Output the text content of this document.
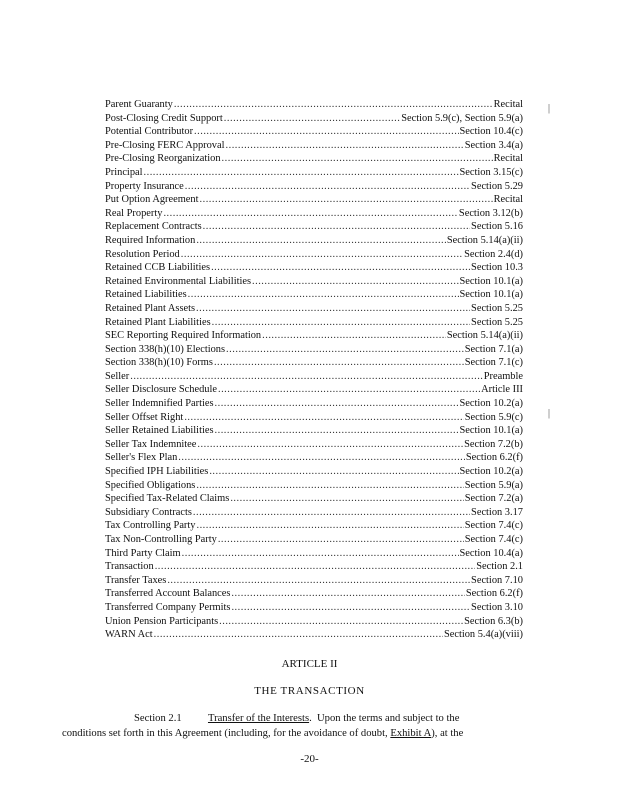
Parent Guaranty .....	Recital
Post-Closing Credit Support .....	Section 5.9(c), Section 5.9(a)
Potential Contributor .....	Section 10.4(c)
Pre-Closing FERC Approval .....	Section 3.4(a)
Pre-Closing Reorganization .....	Recital
Principal .....	Section 3.15(c)
Property Insurance .....	Section 5.29
Put Option Agreement .....	Recital
Real Property .....	Section 3.12(b)
Replacement Contracts .....	Section 5.16
Required Information .....	Section 5.14(a)(ii)
Resolution Period .....	Section 2.4(d)
Retained CCB Liabilities .....	Section 10.3
Retained Environmental Liabilities .....	Section 10.1(a)
Retained Liabilities .....	Section 10.1(a)
Retained Plant Assets .....	Section 5.25
Retained Plant Liabilities .....	Section 5.25
SEC Reporting Required Information .....	Section 5.14(a)(ii)
Section 338(h)(10) Elections .....	Section 7.1(a)
Section 338(h)(10) Forms .....	Section 7.1(c)
Seller .....	Preamble
Seller Disclosure Schedule .....	Article III
Seller Indemnified Parties .....	Section 10.2(a)
Seller Offset Right .....	Section 5.9(c)
Seller Retained Liabilities .....	Section 10.1(a)
Seller Tax Indemnitee .....	Section 7.2(b)
Seller's Flex Plan .....	Section 6.2(f)
Specified IPH Liabilities .....	Section 10.2(a)
Specified Obligations .....	Section 5.9(a)
Specified Tax-Related Claims .....	Section 7.2(a)
Subsidiary Contracts .....	Section 3.17
Tax Controlling Party .....	Section 7.4(c)
Tax Non-Controlling Party .....	Section 7.4(c)
Third Party Claim .....	Section 10.4(a)
Transaction .....	Section 2.1
Transfer Taxes .....	Section 7.10
Transferred Account Balances .....	Section 6.2(f)
Transferred Company Permits .....	Section 3.10
Union Pension Participants .....	Section 6.3(b)
WARN Act .....	Section 5.4(a)(viii)
ARTICLE II
THE TRANSACTION
Section 2.1 Transfer of the Interests.  Upon the terms and subject to the
conditions set forth in this Agreement (including, for the avoidance of doubt, Exhibit A), at the
-20-
|
|
